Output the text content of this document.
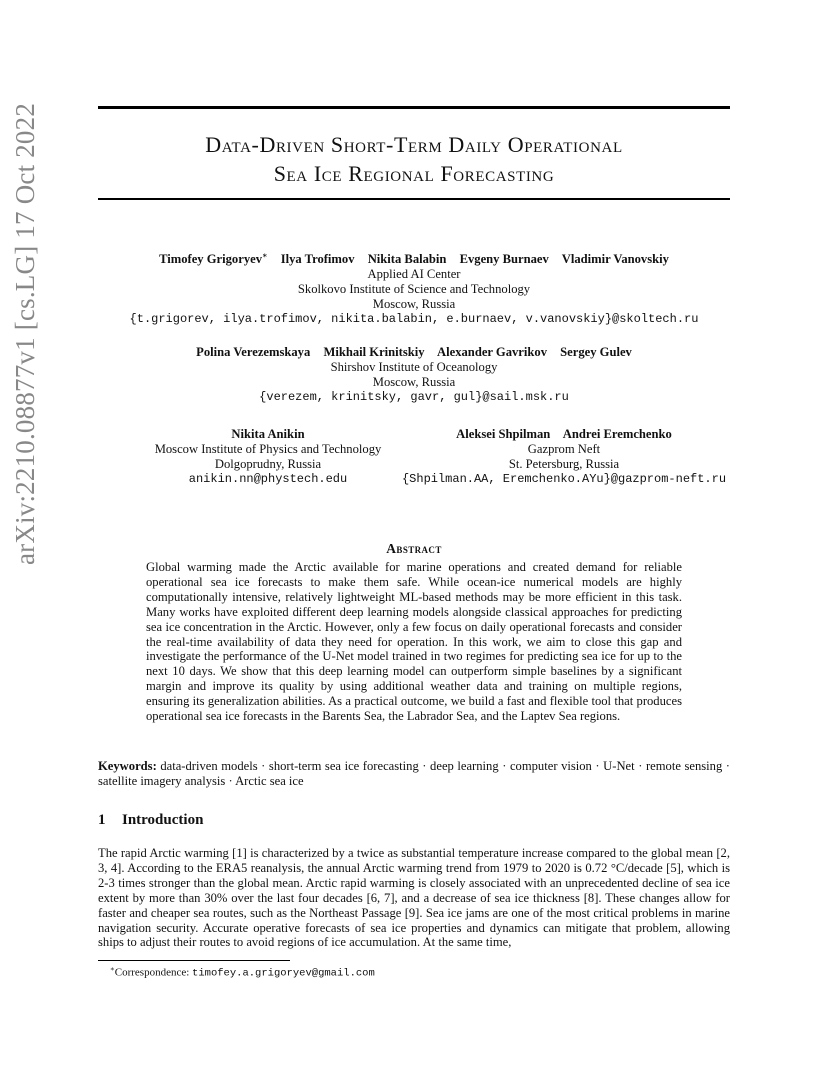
arXiv:2210.08877v1 [cs.LG] 17 Oct 2022	Data-Driven Short-Term Daily Operational
Sea Ice Regional Forecasting
Timofey Grigoryev∗ Ilya Trofimov Nikita Balabin Evgeny Burnaev Vladimir Vanovskiy
Applied AI Center
Skolkovo Institute of Science and Technology
Moscow, Russia
{t.grigorev, ilya.trofimov, nikita.balabin, e.burnaev, v.vanovskiy}@skoltech.ru
Polina Verezemskaya Mikhail Krinitskiy Alexander Gavrikov Sergey Gulev
Shirshov Institute of Oceanology
Moscow, Russia
{verezem, krinitsky, gavr, gul}@sail.msk.ru
Nikita Anikin
Moscow Institute of Physics and Technology
Dolgoprudny, Russia
anikin.nn@phystech.edu
Aleksei Shpilman Andrei Eremchenko
Gazprom Neft
St. Petersburg, Russia
{Shpilman.AA, Eremchenko.AYu}@gazprom-neft.ru
Abstract
Global warming made the Arctic available for marine operations and created demand for reliable operational sea ice forecasts to make them safe. While ocean-ice numerical models are highly computationally intensive, relatively lightweight ML-based methods may be more efficient in this task. Many works have exploited different deep learning models alongside classical approaches for predicting sea ice concentration in the Arctic. However, only a few focus on daily operational forecasts and consider the real-time availability of data they need for operation. In this work, we aim to close this gap and investigate the performance of the U-Net model trained in two regimes for predicting sea ice for up to the next 10 days. We show that this deep learning model can outperform simple baselines by a significant margin and improve its quality by using additional weather data and training on multiple regions, ensuring its generalization abilities. As a practical outcome, we build a fast and flexible tool that produces operational sea ice forecasts in the Barents Sea, the Labrador Sea, and the Laptev Sea regions.
Keywords: data-driven models · short-term sea ice forecasting · deep learning · computer vision · U-Net · remote sensing · satellite imagery analysis · Arctic sea ice
1 Introduction
The rapid Arctic warming [1] is characterized by a twice as substantial temperature increase compared to the global mean [2, 3, 4]. According to the ERA5 reanalysis, the annual Arctic warming trend from 1979 to 2020 is 0.72 °C/decade [5], which is 2-3 times stronger than the global mean. Arctic rapid warming is closely associated with an unprecedented decline of sea ice extent by more than 30% over the last four decades [6, 7], and a decrease of sea ice thickness [8]. These changes allow for faster and cheaper sea routes, such as the Northeast Passage [9]. Sea ice jams are one of the most critical problems in marine navigation security. Accurate operative forecasts of sea ice properties and dynamics can mitigate that problem, allowing ships to adjust their routes to avoid regions of ice accumulation. At the same time,
∗Correspondence: timofey.a.grigoryev@gmail.com
